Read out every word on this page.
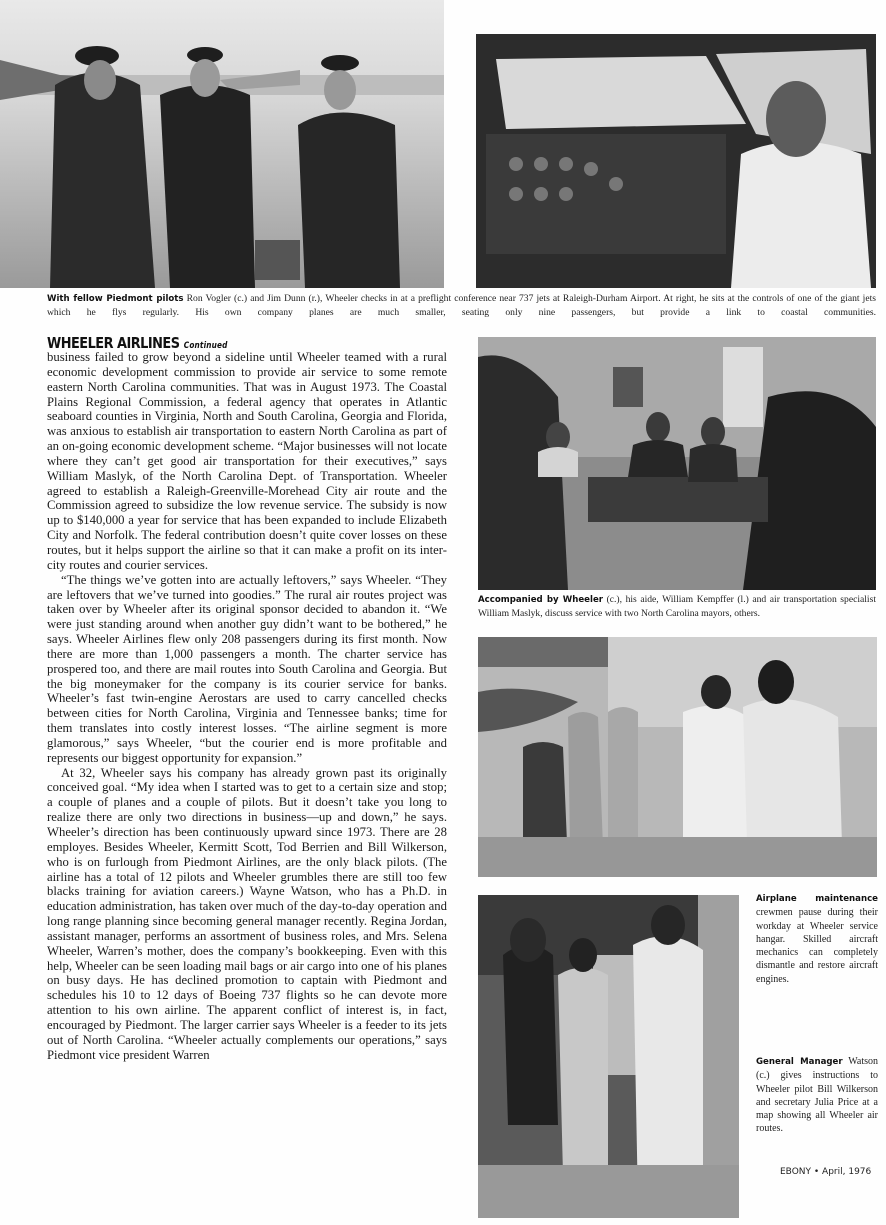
With fellow Piedmont pilots Ron Vogler (c.) and Jim Dunn (r.), Wheeler checks in at a preflight conference near 737 jets at Raleigh-Durham Airport. At right, he sits at the controls of one of the giant jets which he flys regularly. His own company planes are much smaller, seating only nine passengers, but provide a link to coastal communities.
Accompanied by Wheeler (c.), his aide, William Kempffer (l.) and air transportation specialist William Maslyk, discuss service with two North Carolina mayors, others.
Airplane maintenance crewmen pause during their workday at Wheeler service hangar. Skilled aircraft mechanics can completely dismantle and restore aircraft engines.
General Manager Watson (c.) gives instructions to Wheeler pilot Bill Wilkerson and secretary Julia Price at a map showing all Wheeler air routes.
WHEELER AIRLINES Continued

business failed to grow beyond a sideline until Wheeler teamed with a rural economic development commission to provide air service to some remote eastern North Carolina communities. That was in August 1973. The Coastal Plains Regional Commission, a federal agency that operates in Atlantic seaboard counties in Virginia, North and South Carolina, Georgia and Florida, was anxious to establish air transportation to eastern North Carolina as part of an on-going economic development scheme. “Major businesses will not locate where they can’t get good air transportation for their executives,” says William Maslyk, of the North Carolina Dept. of Transportation. Wheeler agreed to establish a Raleigh-Greenville-Morehead City air route and the Commission agreed to subsidize the low revenue service. The subsidy is now up to $140,000 a year for service that has been expanded to include Elizabeth City and Norfolk. The federal contribution doesn’t quite cover losses on these routes, but it helps support the airline so that it can make a profit on its inter-city routes and courier services.

“The things we’ve gotten into are actually leftovers,” says Wheeler. “They are leftovers that we’ve turned into goodies.” The rural air routes project was taken over by Wheeler after its original sponsor decided to abandon it. “We were just standing around when another guy didn’t want to be bothered,” he says. Wheeler Airlines flew only 208 passengers during its first month. Now there are more than 1,000 passengers a month. The charter service has prospered too, and there are mail routes into South Carolina and Georgia. But the big moneymaker for the company is its courier service for banks. Wheeler’s fast twin-engine Aerostars are used to carry cancelled checks between cities for North Carolina, Virginia and Tennessee banks; time for them translates into costly interest losses. “The airline segment is more glamorous,” says Wheeler, “but the courier end is more profitable and represents our biggest opportunity for expansion.”

At 32, Wheeler says his company has already grown past its originally conceived goal. “My idea when I started was to get to a certain size and stop; a couple of planes and a couple of pilots. But it doesn’t take you long to realize there are only two directions in business—up and down,” he says. Wheeler’s direction has been continuously upward since 1973. There are 28 employes. Besides Wheeler, Kermitt Scott, Tod Berrien and Bill Wilkerson, who is on furlough from Piedmont Airlines, are the only black pilots. (The airline has a total of 12 pilots and Wheeler grumbles there are still too few blacks training for aviation careers.) Wayne Watson, who has a Ph.D. in education administration, has taken over much of the day-to-day operation and long range planning since becoming general manager recently. Regina Jordan, assistant manager, performs an assortment of business roles, and Mrs. Selena Wheeler, Warren’s mother, does the company’s bookkeeping. Even with this help, Wheeler can be seen loading mail bags or air cargo into one of his planes on busy days. He has declined promotion to captain with Piedmont and schedules his 10 to 12 days of Boeing 737 flights so he can devote more attention to his own airline. The apparent conflict of interest is, in fact, encouraged by Piedmont. The larger carrier says Wheeler is a feeder to its jets out of North Carolina. “Wheeler actually complements our operations,” says Piedmont vice president Warren

EBONY • April, 1976
